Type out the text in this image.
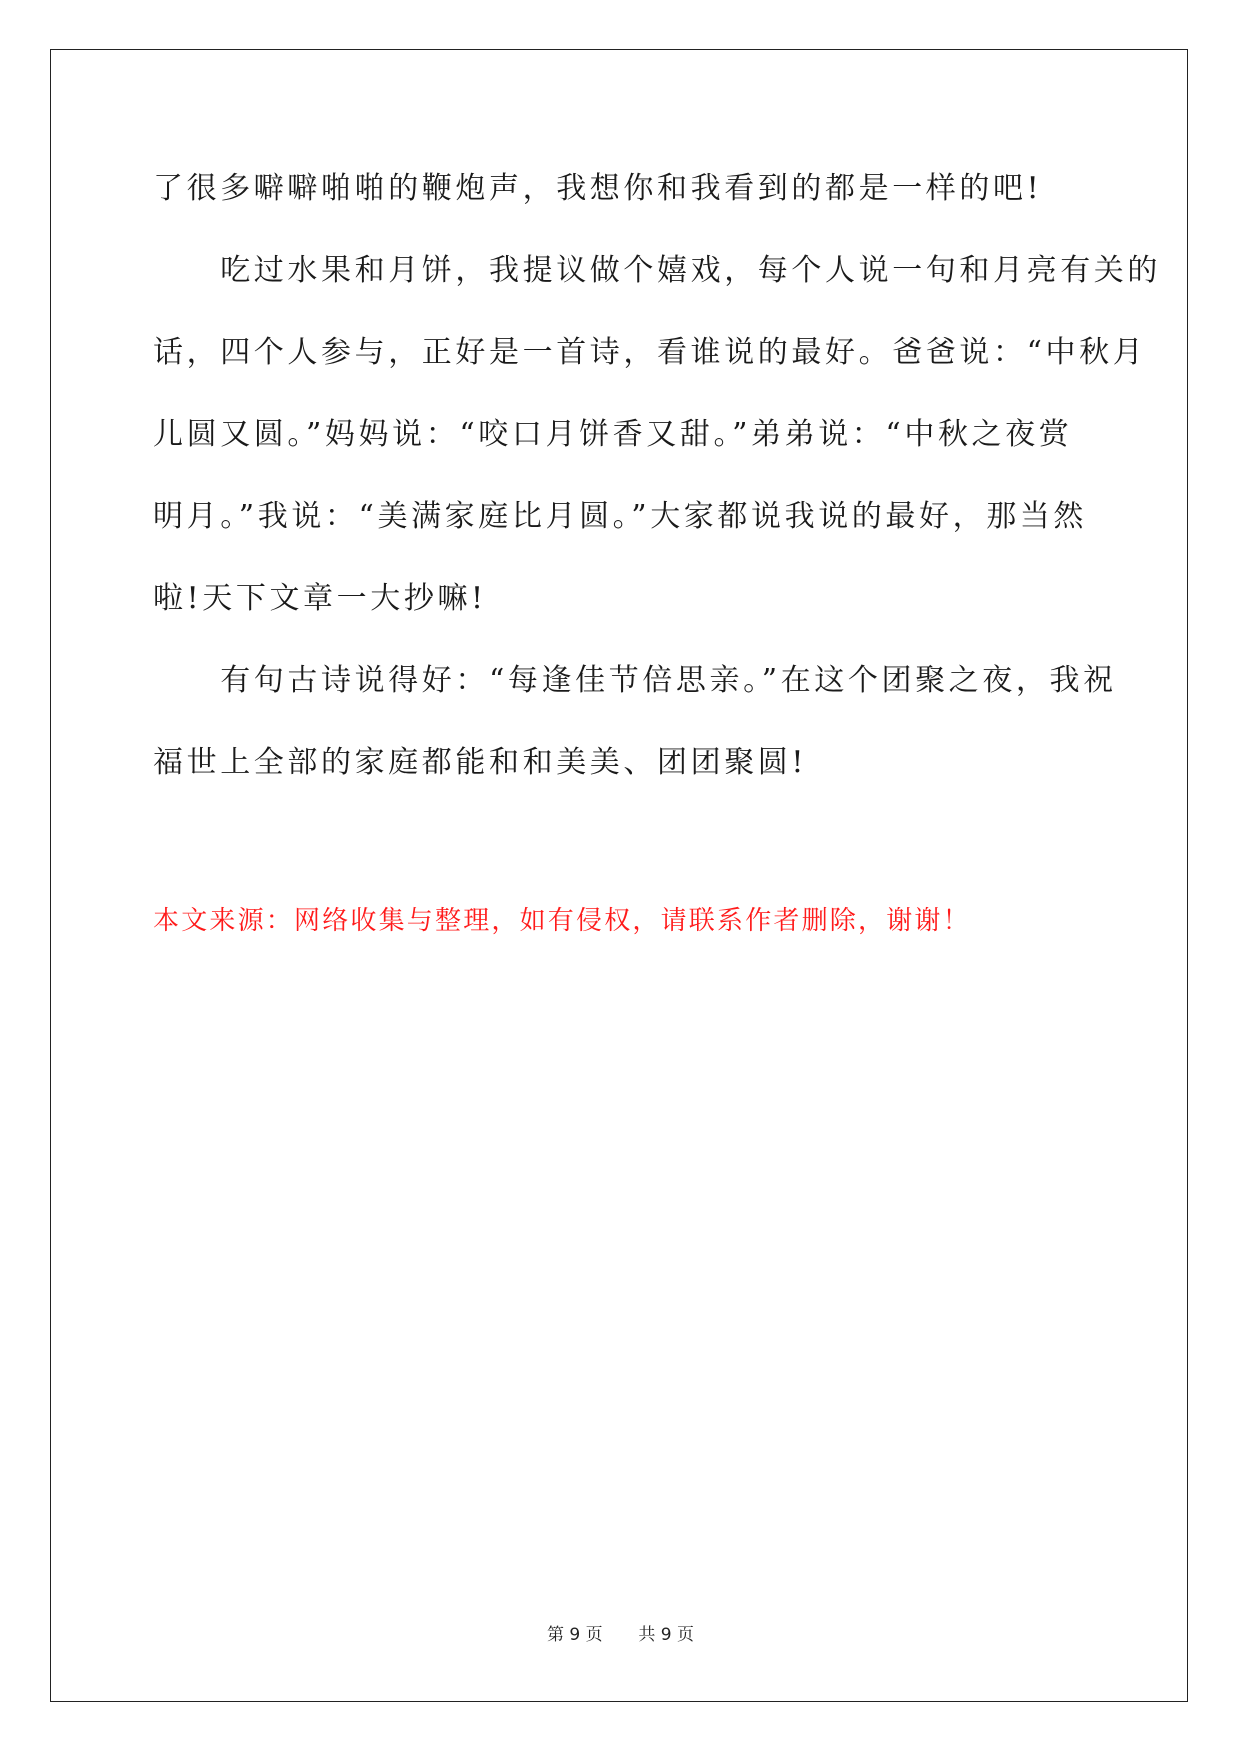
了很多噼噼啪啪的鞭炮声，我想你和我看到的都是一样的吧!
　　吃过水果和月饼，我提议做个嬉戏，每个人说一句和月亮有关的
话，四个人参与，正好是一首诗，看谁说的最好。爸爸说：“中秋月
儿圆又圆。”妈妈说：“咬口月饼香又甜。”弟弟说：“中秋之夜赏
明月。”我说：“美满家庭比月圆。”大家都说我说的最好，那当然
啦!天下文章一大抄嘛!
　　有句古诗说得好：“每逢佳节倍思亲。”在这个团聚之夜，我祝
福世上全部的家庭都能和和美美、团团聚圆!
本文来源：网络收集与整理，如有侵权，请联系作者删除，谢谢！
第 9 页   共 9 页
